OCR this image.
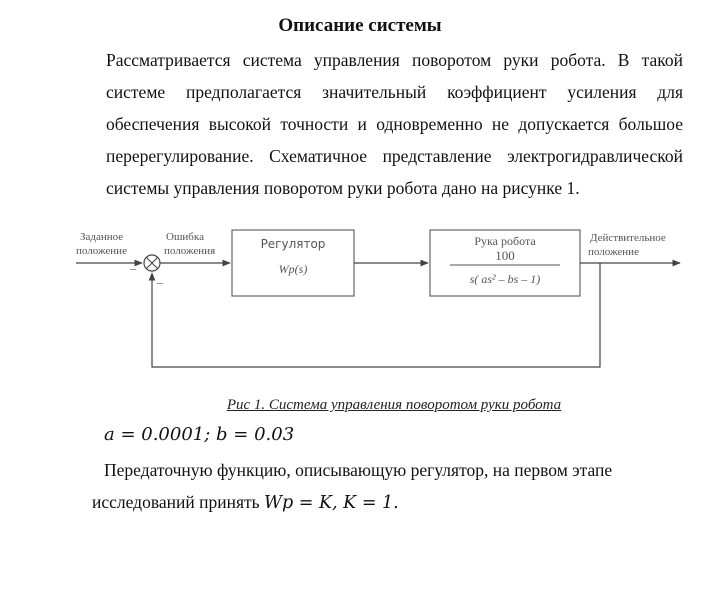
Описание системы
Рассматривается система управления поворотом руки робота. В такой
системе предполагается значительный коэффициент усиления для
обеспечения высокой точности и одновременно не допускается большое
перерегулирование. Схематичное представление электрогидравлической
системы управления поворотом руки робота дано на рисунке 1.
Заданное
положение
–
–
Ошибка
положения	Регулятор
Wp(s)
Рука робота
100
s( as² – bs – 1)
Действительное
положение
Рис 1. Система управления поворотом руки робота
a = 0.0001; b = 0.03
Передаточную функцию, описывающую регулятор, на первом этапе
исследований принять Wp = K, K = 1.
